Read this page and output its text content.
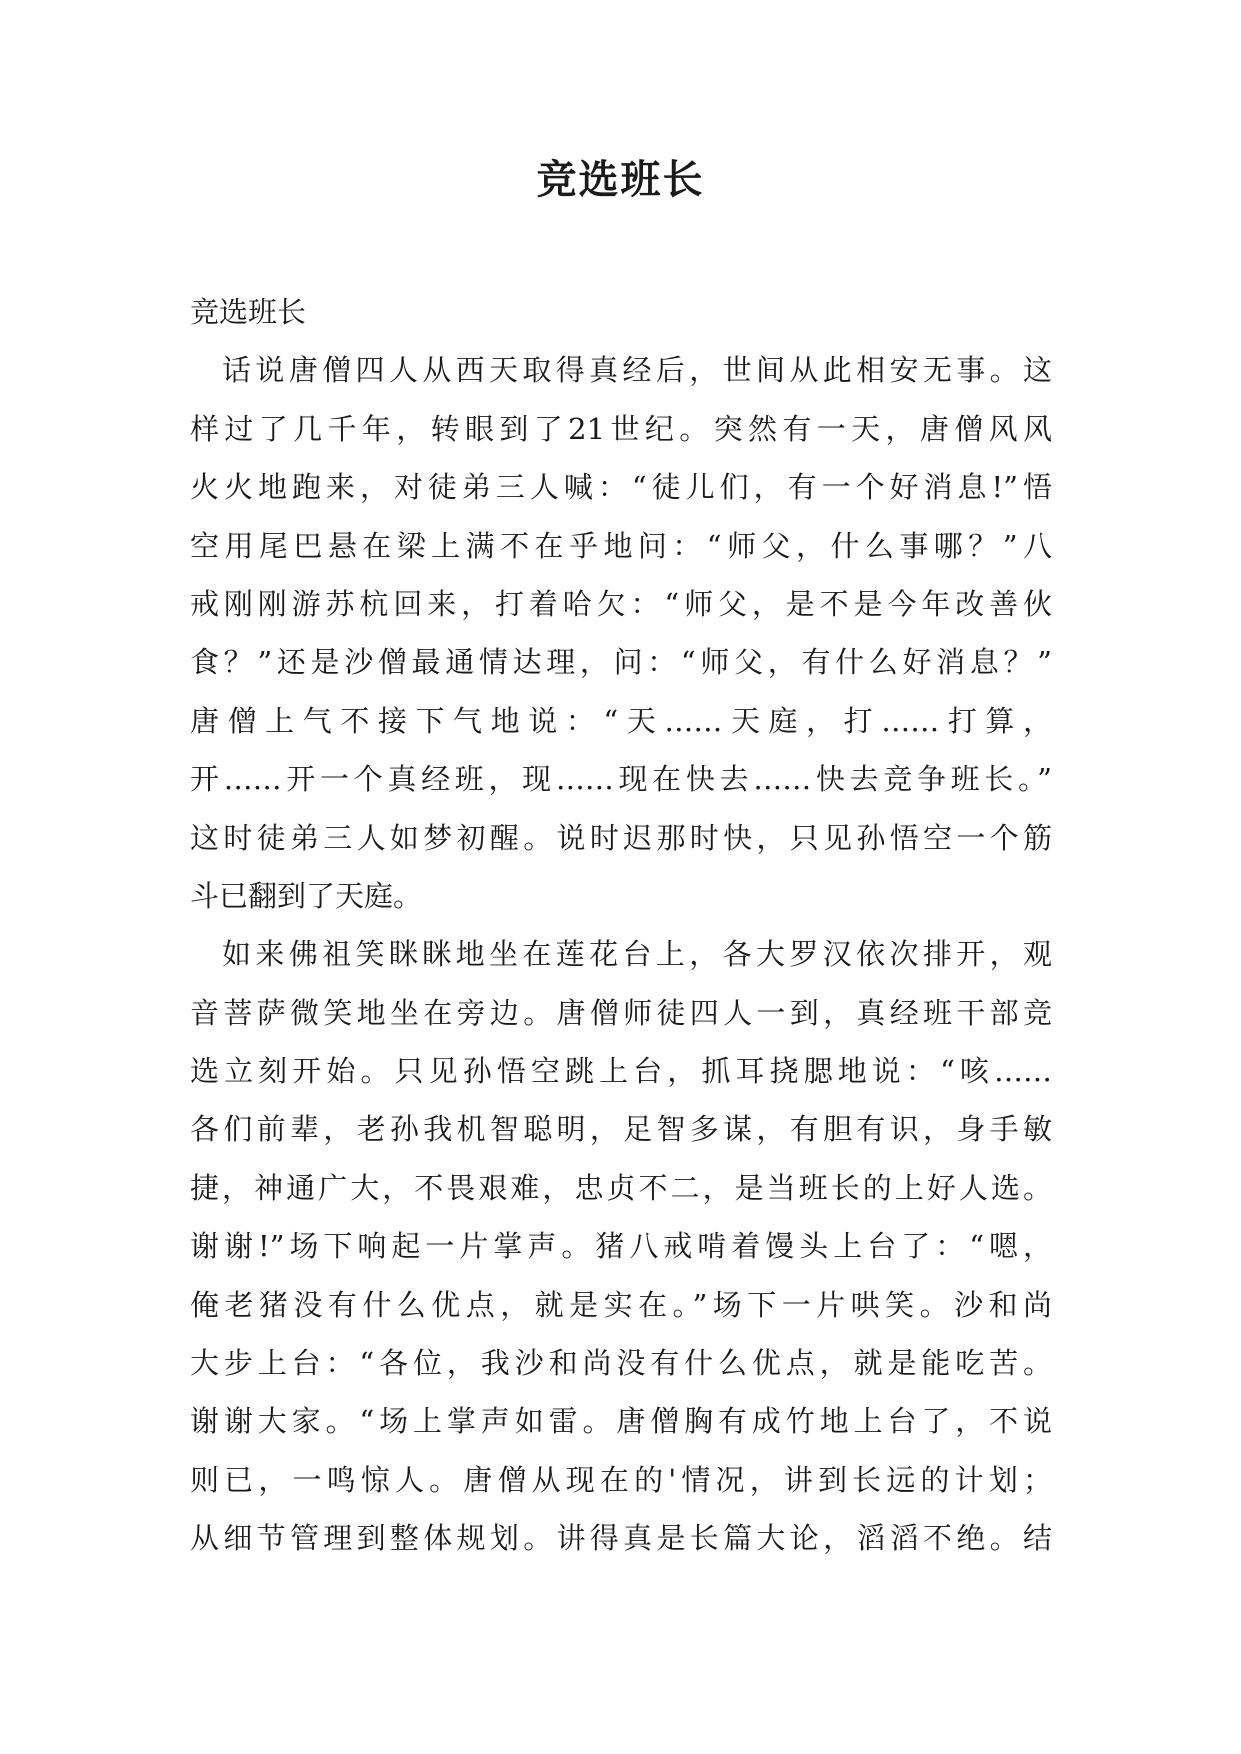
竞选班长
竞选班长
话说唐僧四人从西天取得真经后，世间从此相安无事。这
样过了几千年，转眼到了21世纪。突然有一天，唐僧风风
火火地跑来，对徒弟三人喊：“徒儿们，有一个好消息!”悟
空用尾巴悬在梁上满不在乎地问：“师父，什么事哪？”八
戒刚刚游苏杭回来，打着哈欠：“师父，是不是今年改善伙
食？”还是沙僧最通情达理，问：“师父，有什么好消息？”
唐僧上气不接下气地说：“天……天庭，打……打算，
开……开一个真经班，现……现在快去……快去竞争班长。”
这时徒弟三人如梦初醒。说时迟那时快，只见孙悟空一个筋
斗已翻到了天庭。
如来佛祖笑眯眯地坐在莲花台上，各大罗汉依次排开，观
音菩萨微笑地坐在旁边。唐僧师徒四人一到，真经班干部竞
选立刻开始。只见孙悟空跳上台，抓耳挠腮地说：“咳……
各们前辈，老孙我机智聪明，足智多谋，有胆有识，身手敏
捷，神通广大，不畏艰难，忠贞不二，是当班长的上好人选。
谢谢!”场下响起一片掌声。猪八戒啃着馒头上台了：“嗯，
俺老猪没有什么优点，就是实在。”场下一片哄笑。沙和尚
大步上台：“各位，我沙和尚没有什么优点，就是能吃苦。
谢谢大家。“场上掌声如雷。唐僧胸有成竹地上台了，不说
则已，一鸣惊人。唐僧从现在的'情况，讲到长远的计划；
从细节管理到整体规划。讲得真是长篇大论，滔滔不绝。结
